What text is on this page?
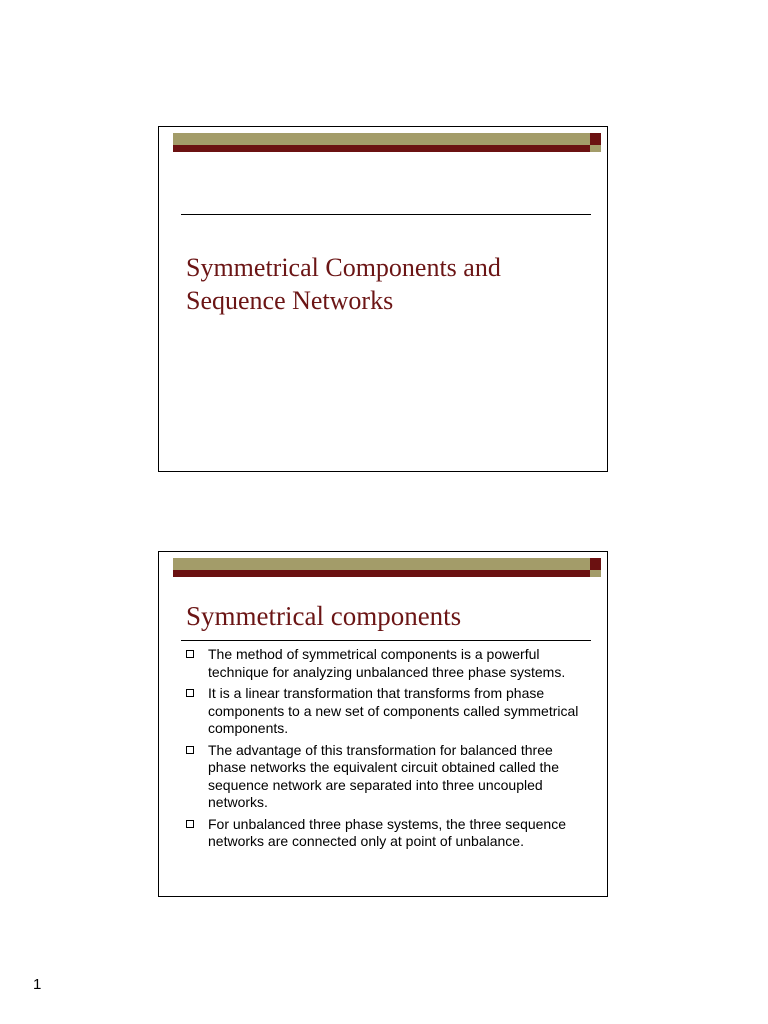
Symmetrical Components and Sequence Networks
Symmetrical components
The method of symmetrical components is a powerful technique for analyzing unbalanced three phase systems.
It is a linear transformation that transforms from phase components to a new set of components called symmetrical components.
The advantage of this transformation for balanced three phase networks the equivalent circuit obtained called the sequence network are separated into three uncoupled networks.
For unbalanced three phase systems, the three sequence networks are connected only at point of unbalance.
1
